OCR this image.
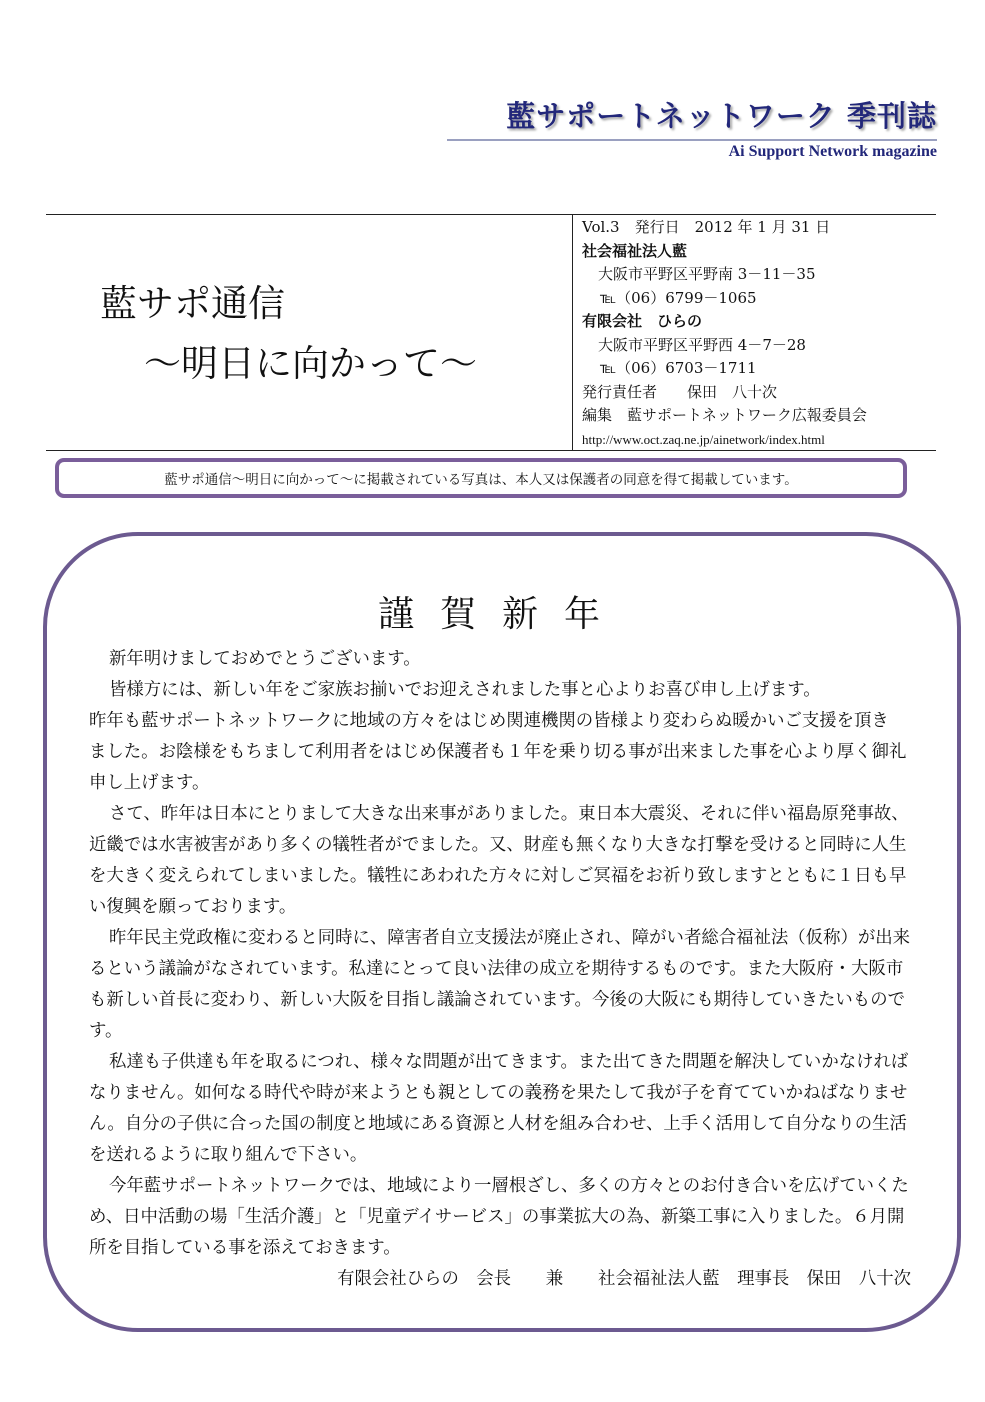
藍サポートネットワーク 季刊誌
Ai Support Network magazine
藍サポ通信
～明日に向かって～
Vol.3　発行日　2012 年 1 月 31 日
社会福祉法人藍
大阪市平野区平野南 3－11－35
℡（06）6799－1065
有限会社　ひらの
大阪市平野区平野西 4－7－28
℡（06）6703－1711
発行責任者　　保田　八十次
編集　藍サポートネットワーク広報委員会
http://www.oct.zaq.ne.jp/ainetwork/index.html
藍サポ通信～明日に向かって～に掲載されている写真は、本人又は保護者の同意を得て掲載しています。
謹賀新年

新年明けましておめでとうございます。

皆様方には、新しい年をご家族お揃いでお迎えされました事と心よりお喜び申し上げます。

昨年も藍サポートネットワークに地域の方々をはじめ関連機関の皆様より変わらぬ暖かいご支援を頂き

ました。お陰様をもちまして利用者をはじめ保護者も１年を乗り切る事が出来ました事を心より厚く御礼

申し上げます。

さて、昨年は日本にとりまして大きな出来事がありました。東日本大震災、それに伴い福島原発事故、

近畿では水害被害があり多くの犠牲者がでました。又、財産も無くなり大きな打撃を受けると同時に人生

を大きく変えられてしまいました。犠牲にあわれた方々に対しご冥福をお祈り致しますとともに１日も早

い復興を願っております。

昨年民主党政権に変わると同時に、障害者自立支援法が廃止され、障がい者総合福祉法（仮称）が出来

るという議論がなされています。私達にとって良い法律の成立を期待するものです。また大阪府・大阪市

も新しい首長に変わり、新しい大阪を目指し議論されています。今後の大阪にも期待していきたいもので

す。

私達も子供達も年を取るにつれ、様々な問題が出てきます。また出てきた問題を解決していかなければ

なりません。如何なる時代や時が来ようとも親としての義務を果たして我が子を育てていかねばなりませ

ん。自分の子供に合った国の制度と地域にある資源と人材を組み合わせ、上手く活用して自分なりの生活

を送れるように取り組んで下さい。

今年藍サポートネットワークでは、地域により一層根ざし、多くの方々とのお付き合いを広げていくた

め、日中活動の場「生活介護」と「児童デイサービス」の事業拡大の為、新築工事に入りました。６月開

所を目指している事を添えておきます。

有限会社ひらの　会長　　兼　　社会福祉法人藍　理事長　保田　八十次
